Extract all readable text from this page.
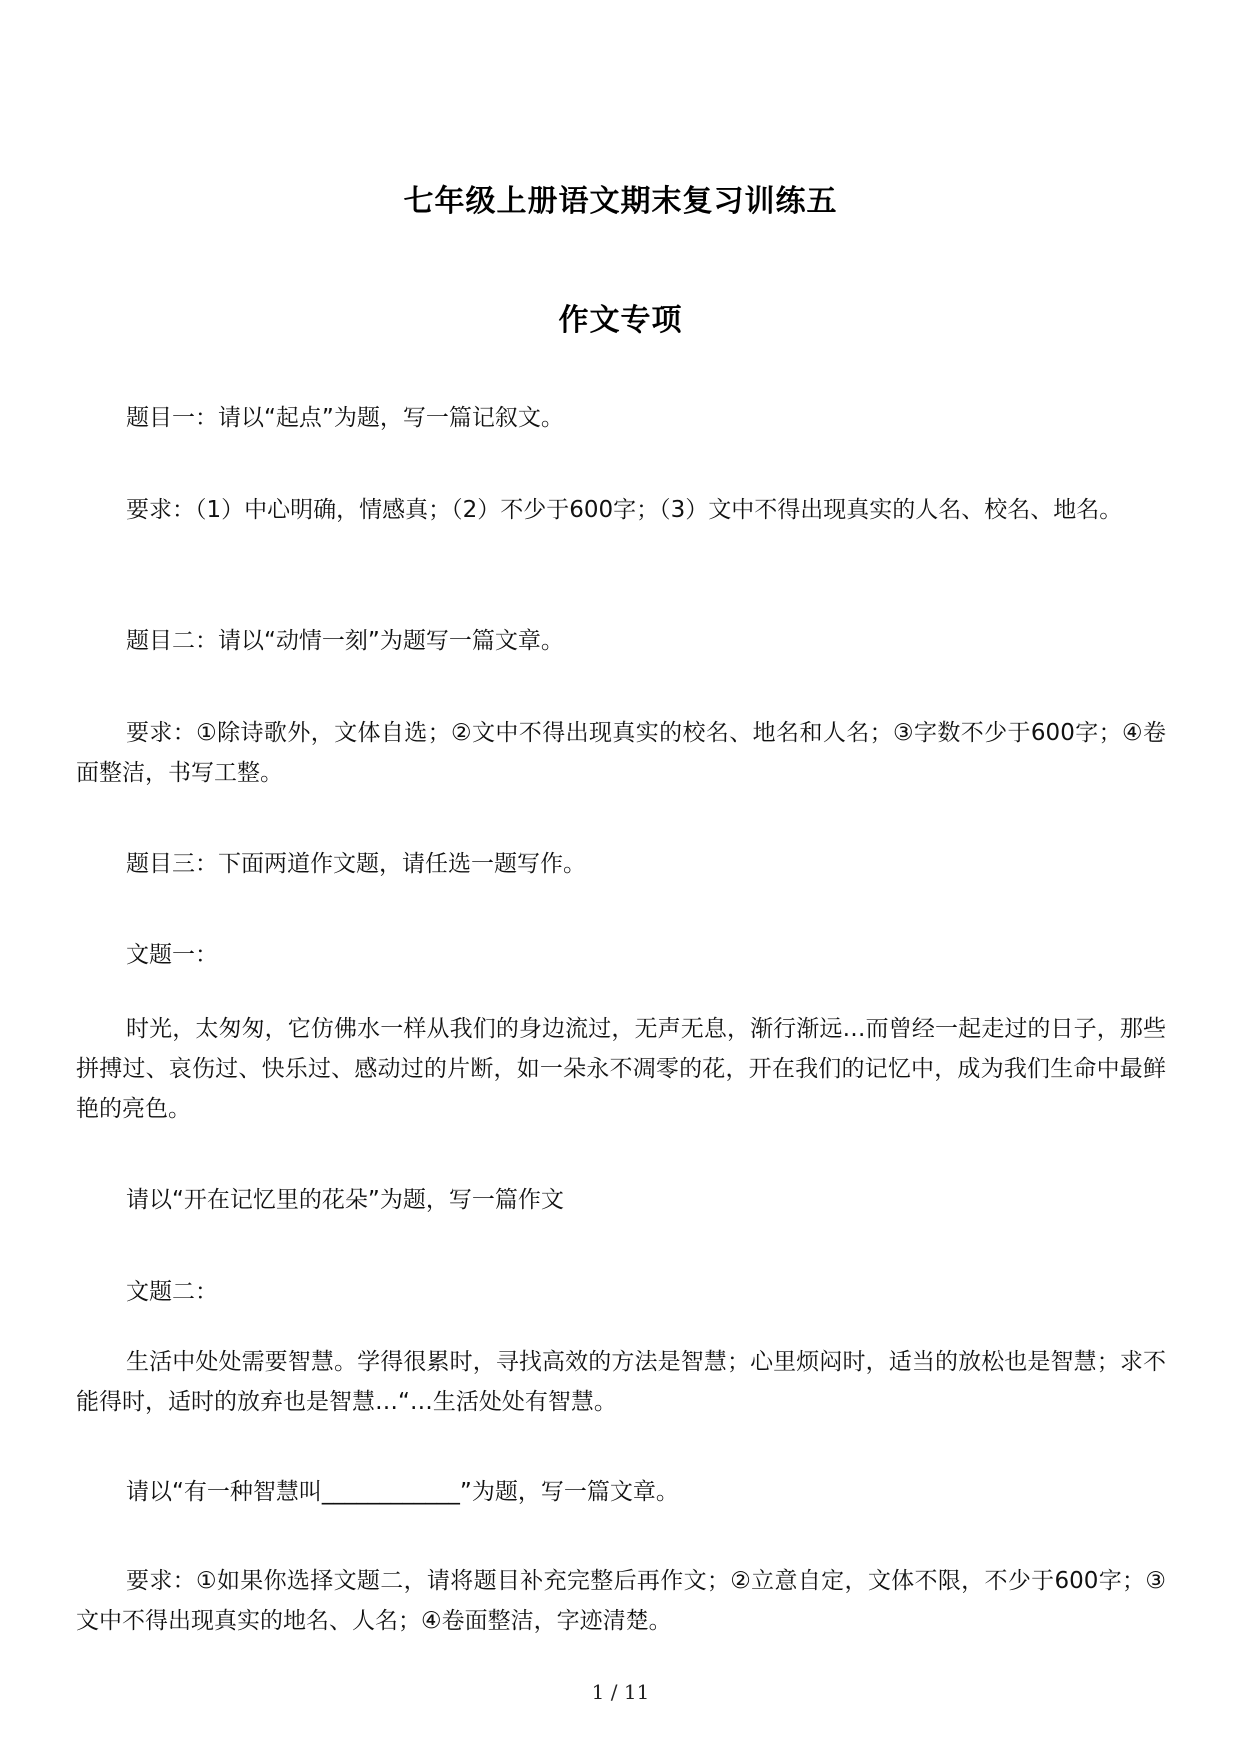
七年级上册语文期末复习训练五
作文专项

题目一：请以“起点”为题，写一篇记叙文。

要求：（1）中心明确，情感真；（2）不少于600字；（3）文中不得出现真实的人名、校名、地名。

题目二：请以“动情一刻”为题写一篇文章。

要求：①除诗歌外，文体自选；②文中不得出现真实的校名、地名和人名；③字数不少于600字；④卷面整洁，书写工整。

题目三：下面两道作文题，请任选一题写作。

文题一：

时光，太匆匆，它仿佛水一样从我们的身边流过，无声无息，渐行渐远…而曾经一起走过的日子，那些拼搏过、哀伤过、快乐过、感动过的片断，如一朵永不凋零的花，开在我们的记忆中，成为我们生命中最鲜艳的亮色。

请以“开在记忆里的花朵”为题，写一篇作文

文题二：

生活中处处需要智慧。学得很累时，寻找高效的方法是智慧；心里烦闷时，适当的放松也是智慧；求不能得时，适时的放弃也是智慧…“…生活处处有智慧。

请以“有一种智慧叫____________”为题，写一篇文章。

要求：①如果你选择文题二，请将题目补充完整后再作文；②立意自定，文体不限，不少于600字；③文中不得出现真实的地名、人名；④卷面整洁，字迹清楚。

1 / 11
